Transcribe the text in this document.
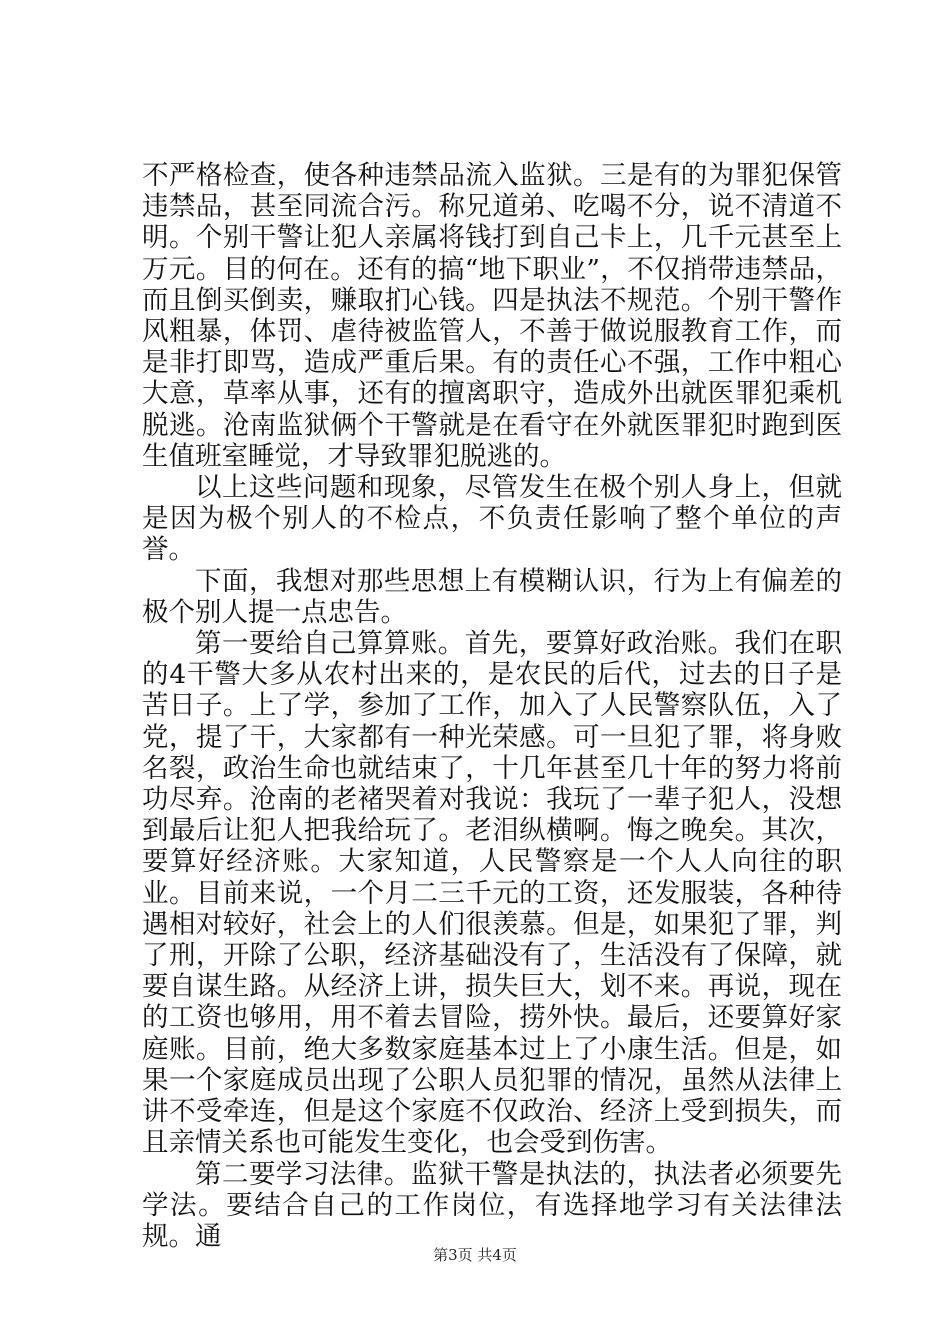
不严格检查，使各种违禁品流入监狱。三是有的为罪犯保管违禁品，甚至同流合污。称兄道弟、吃喝不分，说不清道不明。个别干警让犯人亲属将钱打到自己卡上，几千元甚至上万元。目的何在。还有的搞“地下职业”，不仅捎带违禁品，而且倒买倒卖，赚取扪心钱。四是执法不规范。个别干警作风粗暴，体罚、虐待被监管人，不善于做说服教育工作，而是非打即骂，造成严重后果。有的责任心不强，工作中粗心大意，草率从事，还有的擅离职守，造成外出就医罪犯乘机脱逃。沧南监狱俩个干警就是在看守在外就医罪犯时跑到医生值班室睡觉，才导致罪犯脱逃的。

以上这些问题和现象，尽管发生在极个别人身上，但就是因为极个别人的不检点，不负责任影响了整个单位的声誉。

下面，我想对那些思想上有模糊认识，行为上有偏差的极个别人提一点忠告。

第一要给自己算算账。首先，要算好政治账。我们在职的4干警大多从农村出来的，是农民的后代，过去的日子是苦日子。上了学，参加了工作，加入了人民警察队伍，入了党，提了干，大家都有一种光荣感。可一旦犯了罪，将身败名裂，政治生命也就结束了，十几年甚至几十年的努力将前功尽弃。沧南的老褚哭着对我说：我玩了一辈子犯人，没想到最后让犯人把我给玩了。老泪纵横啊。悔之晚矣。其次，要算好经济账。大家知道，人民警察是一个人人向往的职业。目前来说，一个月二三千元的工资，还发服装，各种待遇相对较好，社会上的人们很羡慕。但是，如果犯了罪，判了刑，开除了公职，经济基础没有了，生活没有了保障，就要自谋生路。从经济上讲，损失巨大，划不来。再说，现在的工资也够用，用不着去冒险，捞外快。最后，还要算好家庭账。目前，绝大多数家庭基本过上了小康生活。但是，如果一个家庭成员出现了公职人员犯罪的情况，虽然从法律上讲不受牵连，但是这个家庭不仅政治、经济上受到损失，而且亲情关系也可能发生变化，也会受到伤害。

第二要学习法律。监狱干警是执法的，执法者必须要先学法。要结合自己的工作岗位，有选择地学习有关法律法规。通

第3页 共4页
